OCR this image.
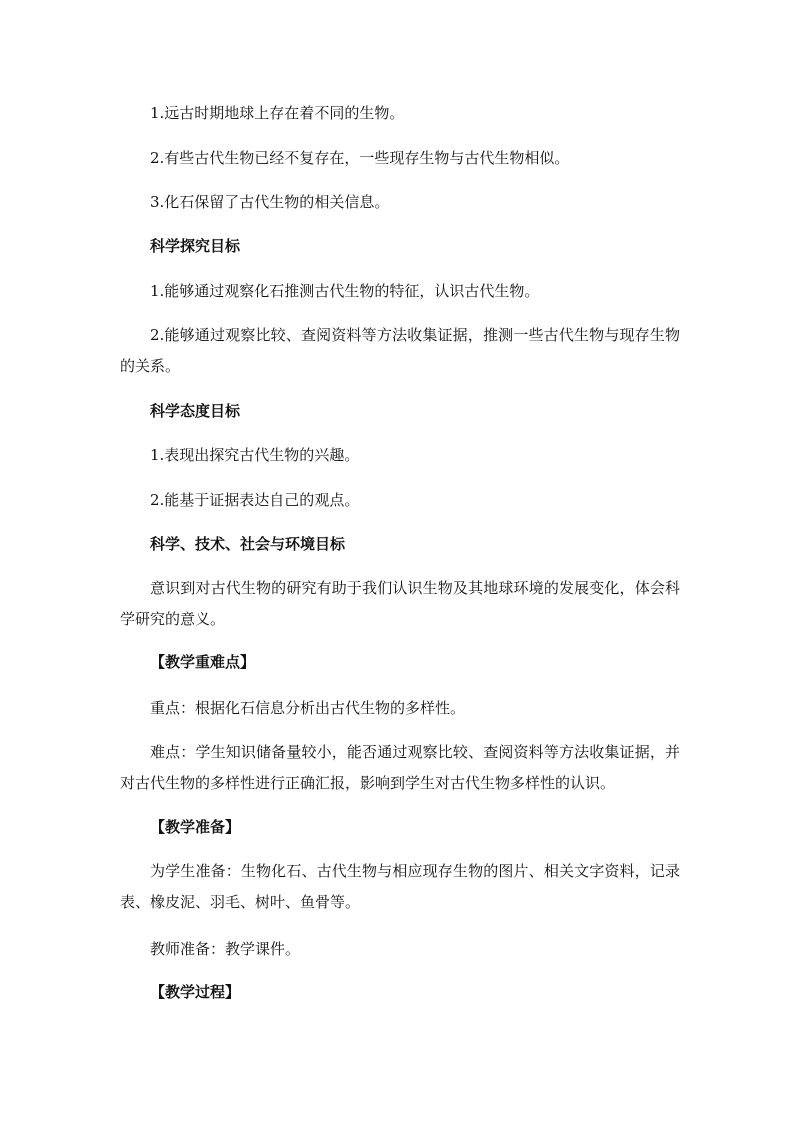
1.远古时期地球上存在着不同的生物。
2.有些古代生物已经不复存在，一些现存生物与古代生物相似。
3.化石保留了古代生物的相关信息。
科学探究目标
1.能够通过观察化石推测古代生物的特征，认识古代生物。
2.能够通过观察比较、查阅资料等方法收集证据，推测一些古代生物与现存生物的关系。
科学态度目标
1.表现出探究古代生物的兴趣。
2.能基于证据表达自己的观点。
科学、技术、社会与环境目标
意识到对古代生物的研究有助于我们认识生物及其地球环境的发展变化，体会科学研究的意义。
【教学重难点】
重点：根据化石信息分析出古代生物的多样性。
难点：学生知识储备量较小，能否通过观察比较、查阅资料等方法收集证据，并对古代生物的多样性进行正确汇报，影响到学生对古代生物多样性的认识。
【教学准备】
为学生准备：生物化石、古代生物与相应现存生物的图片、相关文字资料，记录表、橡皮泥、羽毛、树叶、鱼骨等。
教师准备：教学课件。
【教学过程】
